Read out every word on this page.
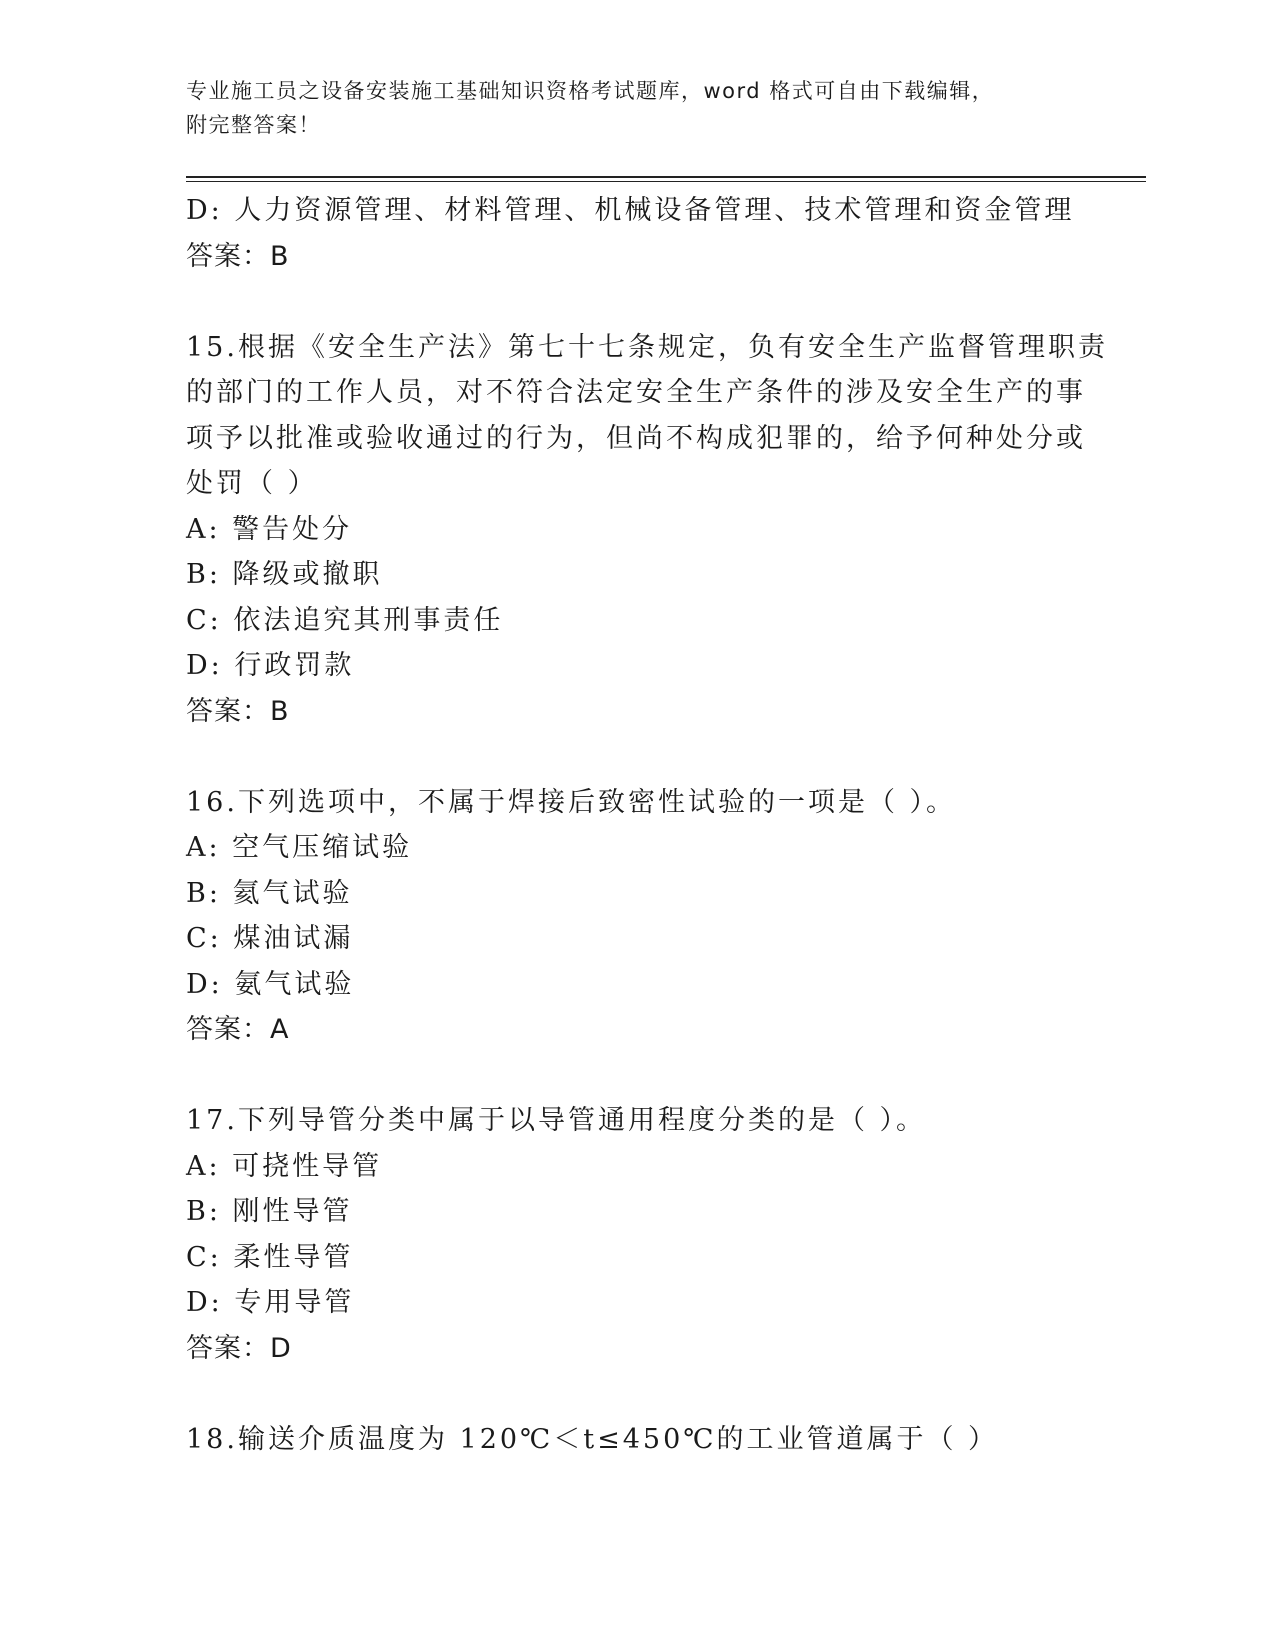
专业施工员之设备安装施工基础知识资格考试题库，word 格式可自由下载编辑，
附完整答案！
D: 人力资源管理、材料管理、机械设备管理、技术管理和资金管理
答案：B
15.根据《安全生产法》第七十七条规定，负有安全生产监督管理职责
的部门的工作人员，对不符合法定安全生产条件的涉及安全生产的事
项予以批准或验收通过的行为，但尚不构成犯罪的，给予何种处分或
处罚（ ）
A: 警告处分
B: 降级或撤职
C: 依法追究其刑事责任
D: 行政罚款
答案：B
16.下列选项中，不属于焊接后致密性试验的一项是（ ）。
A: 空气压缩试验
B: 氦气试验
C: 煤油试漏
D: 氨气试验
答案：A
17.下列导管分类中属于以导管通用程度分类的是（ ）。
A: 可挠性导管
B: 刚性导管
C: 柔性导管
D: 专用导管
答案：D
18.输送介质温度为 120℃＜t≤450℃的工业管道属于（ ）
